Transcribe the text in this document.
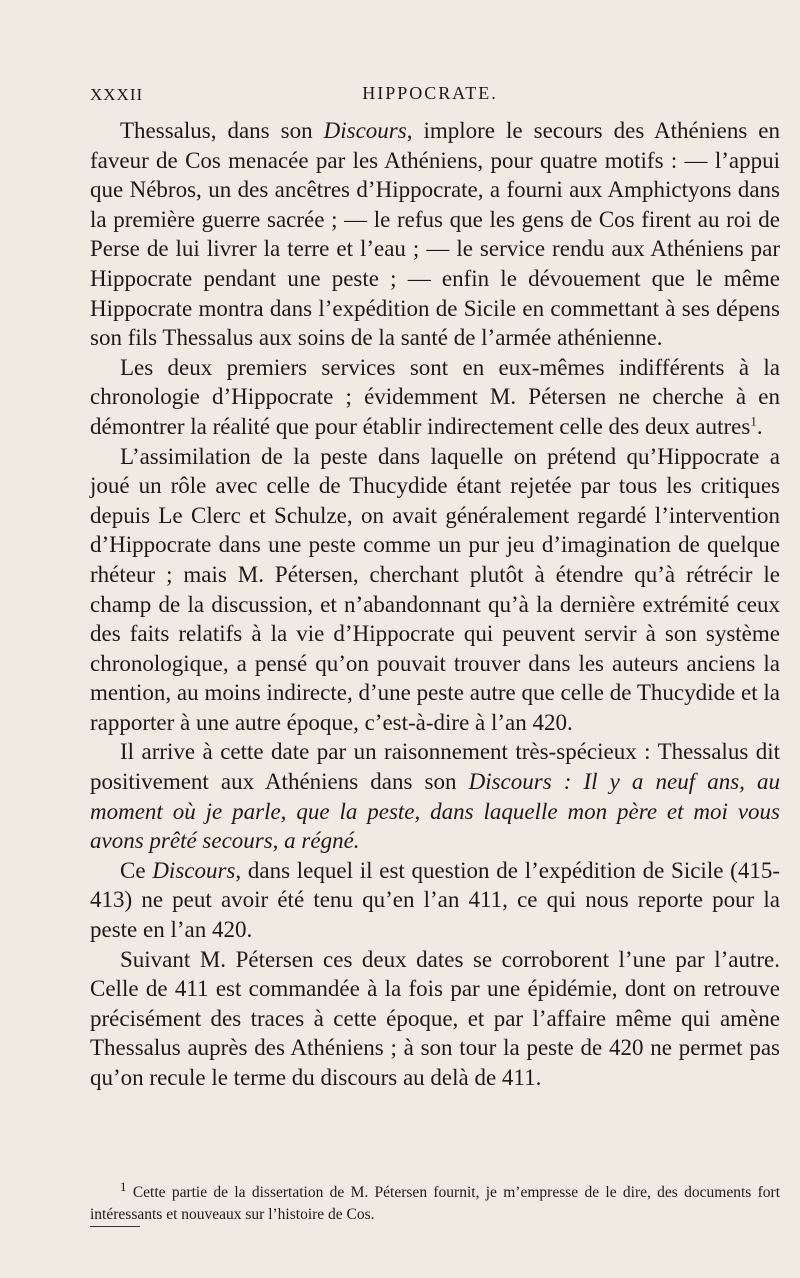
XXXII	HIPPOCRATE.

Thessalus, dans son Discours, implore le secours des Athéniens en faveur de Cos menacée par les Athéniens, pour quatre motifs : — l’appui que Nébros, un des ancêtres d’Hippocrate, a fourni aux Amphictyons dans la première guerre sacrée ; — le refus que les gens de Cos firent au roi de Perse de lui livrer la terre et l’eau ; — le service rendu aux Athéniens par Hippocrate pendant une peste ; — enfin le dévouement que le même Hippocrate montra dans l’expédition de Sicile en commettant à ses dépens son fils Thessalus aux soins de la santé de l’armée athénienne.

Les deux premiers services sont en eux-mêmes indifférents à la chronologie d’Hippocrate ; évidemment M. Pétersen ne cherche à en démontrer la réalité que pour établir indirectement celle des deux autres$^1$.

L’assimilation de la peste dans laquelle on prétend qu’Hippocrate a joué un rôle avec celle de Thucydide étant rejetée par tous les critiques depuis Le Clerc et Schulze, on avait généralement regardé l’intervention d’Hippocrate dans une peste comme un pur jeu d’imagination de quelque rhéteur ; mais M. Pétersen, cherchant plutôt à étendre qu’à rétrécir le champ de la discussion, et n’abandonnant qu’à la dernière extrémité ceux des faits relatifs à la vie d’Hippocrate qui peuvent servir à son système chronologique, a pensé qu’on pouvait trouver dans les auteurs anciens la mention, au moins indirecte, d’une peste autre que celle de Thucydide et la rapporter à une autre époque, c’est-à-dire à l’an 420.

Il arrive à cette date par un raisonnement très-spécieux : Thessalus dit positivement aux Athéniens dans son Discours : Il y a neuf ans, au moment où je parle, que la peste, dans laquelle mon père et moi vous avons prêté secours, a régné.

Ce Discours, dans lequel il est question de l’expédition de Sicile (415-413) ne peut avoir été tenu qu’en l’an 411, ce qui nous reporte pour la peste en l’an 420.

Suivant M. Pétersen ces deux dates se corroborent l’une par l’autre. Celle de 411 est commandée à la fois par une épidémie, dont on retrouve précisément des traces à cette époque, et par l’affaire même qui amène Thessalus auprès des Athéniens ; à son tour la peste de 420 ne permet pas qu’on recule le terme du discours au delà de 411.

$^1$ Cette partie de la dissertation de M. Pétersen fournit, je m’empresse de le dire, des documents fort intéressants et nouveaux sur l’histoire de Cos.
